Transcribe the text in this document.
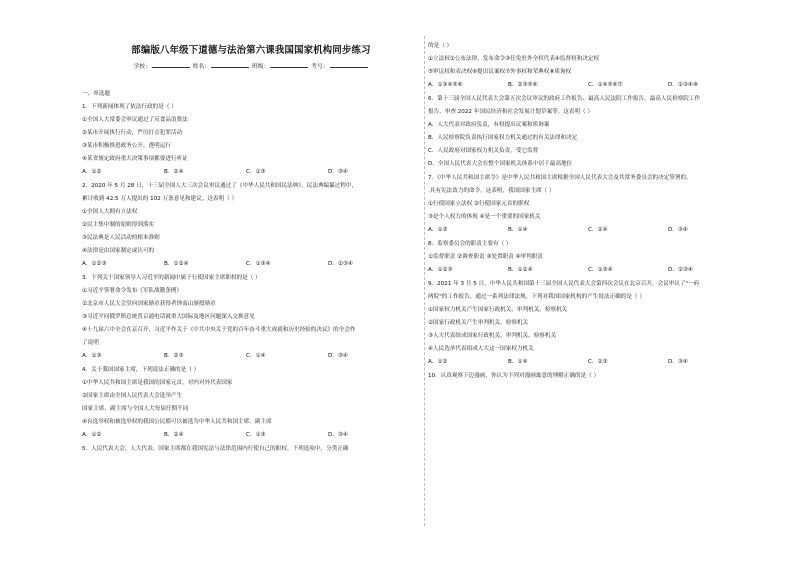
部编版八年级下道德与法治第六课我国国家机构同步练习
学校：	姓名：	班级：	考号：
一、单选题
1．下列新闻体现了依法行政的是（ ）
①全国人大常委会审议通过了反食品浪费法
②某市开展执行行动，严厉打击犯罪活动
③某市积极推进政务公开、透明运行
④某省规定政府重大决策事项都要进行听证
A．①②	B．②④	C．①③	D．③④
2．2020 年 5 月 28 日，十三届全国人大三次会议审议通过了《中华人民共和国民法典》。民法典编纂过程中，
累计收到 42.5 万人提出的 102 万条意见和建议。这表明（ ）
①全国人大拥有立法权
②民主集中制的原则得到落实
③民法典是人民活动的根本准则
④法律是由国家制定或认可的
A．①②③	B．①②④	C．①③④	D．②③④
3．下列关于国家领导人习近平的新闻中属于行使国家主席职权的是（ ）
①习近平签署命令发布《军队战勤条例》
②北京市人民大会堂向国家勋章获得者钟南山颁授勋章
③习近平同俄罗斯总统普京通电话就重大国际及地区问题深入交换意见
④十九届六中全会在京召开，习近平作关于《中共中央关于党的百年奋斗重大成就和历史经验的决议》的全会作
了说明
A．①③	B．②③	C．①④	D．③④
4．关于我国国家主席，下列说法正确的是（ ）
①中华人民共和国主席是我国的国家元首，对内对外代表国家
②国家主席由全国人民代表大会选举产生
国家主席、副主席与全国人大每届任期不同
④有选举权和被选举权的我国公民都可以被选为中华人民共和国主席、副主席
A．①②	B．②④	C．①③	D．③④
5．人民代表大会、人大代表、国家主席都在我国宪法与法律范围内行使自己的职权。下列选项中，分类正确
的是（ ）
①立法权②公布法律，发布命令③任免驻外全权代表④监督权和决定权
⑤审议权和表决权⑥提出议案权⑦外事权和荣典权⑧质询权
A．①③④⑤⑥	B．②③⑤⑥	C．①④⑤⑥⑦	D．②③④⑧
6．第十三届全国人民代表大会第五次会议审议的政府工作报告、最高人民法院工作报告、最高人民检察院工作
报告，审查 2022 年国民经济和社会发展计划草案等。这表明（ ）
A．人大代表对政府负责，有权提出议案和质询案
B．人民检察院负责执行国家权力机关通过的有关法律和决定
C．人民政府对国家权力机关负责，受它监督
D．全国人民代表大会在整个国家机关体系中居于最高地位
7．《中华人民共和国主席令》是中华人民共和国主席根据全国人民代表大会及其常务委员会的决定签署的，
.具有宪法效力的命令。这表明，我国国家主席（ ）
①行使国家立法权 ②行使国家元首的职权
③是个人权力的体现 ④是一个重要的国家机关
A．①③	B．①④	C．②④	D．③④
8．监察委员会的职责主要有（ ）
①监督职责 ②调查职责 ③处置职责 ④审判职责
A．①②③	B．①②④	C．①③④	D．②③④
9．2021 年 3 月 5 日，中华人民共和国第十三届全国人民代表大会第四次会议在北京召开，会议审议了"一府
两院"的工作报告，通过一系列法律法规。下列对我国国家机构的产生说法正确的是（ ）
①国家权力机关产生国家行政机关、审判机关、检察机关
②国家行政机关产生审判机关、检察机关
③人大代表组成国家行政机关、审判机关、检察机关
④人民选举代表组成人大这一国家权力机关
A．①②	B．①④	C．②③	D．③④
10．认真观察下边漫画，你认为下列对漫画寓意的理解正确的是（ ）
